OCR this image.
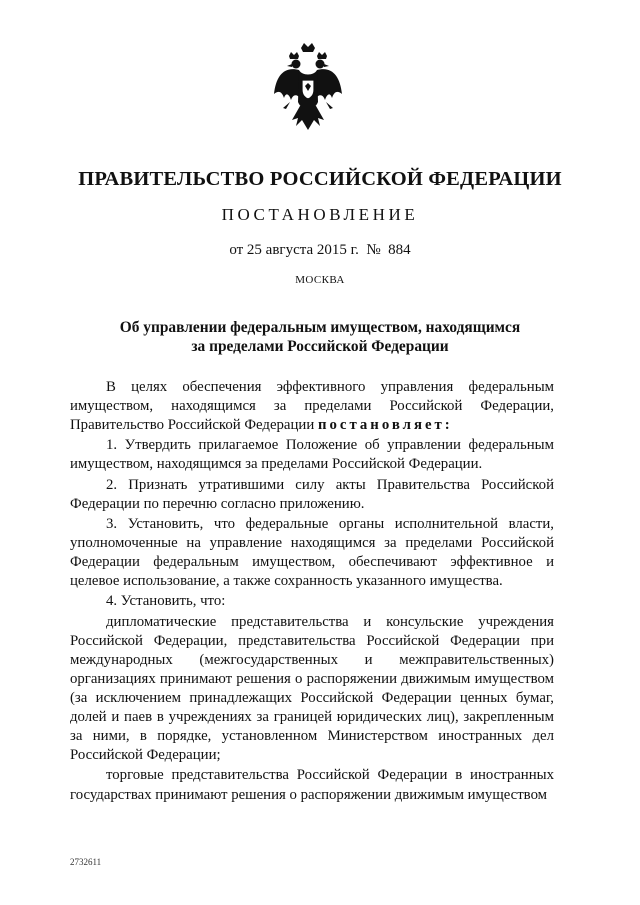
ПРАВИТЕЛЬСТВО РОССИЙСКОЙ ФЕДЕРАЦИИ
ПОСТАНОВЛЕНИЕ
от 25 августа 2015 г.  №  884
МОСКВА
Об управлении федеральным имуществом, находящимся
за пределами Российской Федерации

В целях обеспечения эффективного управления федеральным имуществом, находящимся за пределами Российской Федерации, Правительство Российской Федерации постановляет:

1. Утвердить прилагаемое Положение об управлении федеральным имуществом, находящимся за пределами Российской Федерации.

2. Признать утратившими силу акты Правительства Российской Федерации по перечню согласно приложению.

3. Установить, что федеральные органы исполнительной власти, уполномоченные на управление находящимся за пределами Российской Федерации федеральным имуществом, обеспечивают эффективное и целевое использование, а также сохранность указанного имущества.

4. Установить, что:

дипломатические представительства и консульские учреждения Российской Федерации, представительства Российской Федерации при международных (межгосударственных и межправительственных) организациях принимают решения о распоряжении движимым имуществом (за исключением принадлежащих Российской Федерации ценных бумаг, долей и паев в учреждениях за границей юридических лиц), закрепленным за ними, в порядке, установленном Министерством иностранных дел Российской Федерации;

торговые представительства Российской Федерации в иностранных государствах принимают решения о распоряжении движимым имуществом

2732611
